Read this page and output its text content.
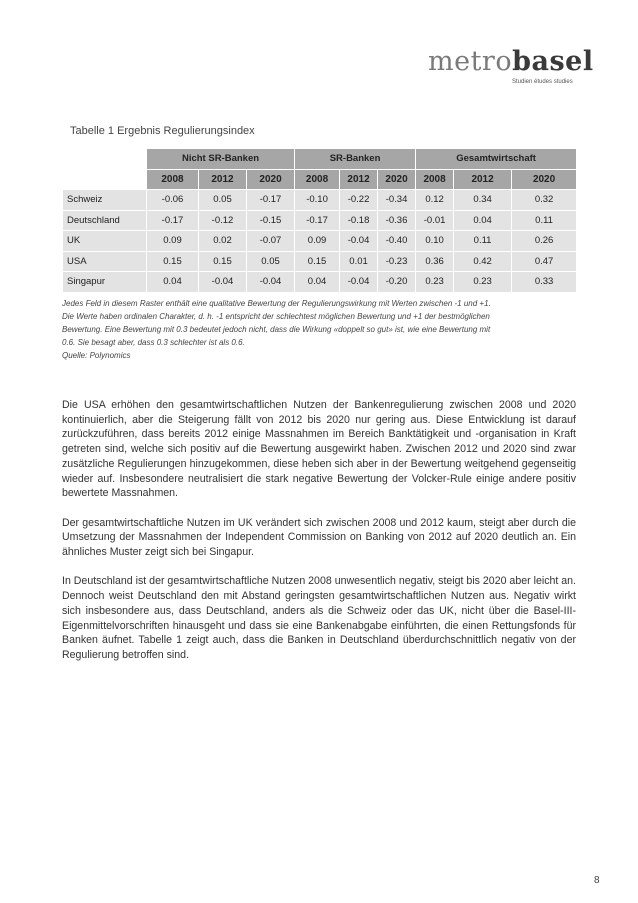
metrobasel
Studien études studies
Tabelle 1 Ergebnis Regulierungsindex
	Nicht SR-Banken			SR-Banken			Gesamtwirtschaft		
	2008	2012	2020	2008	2012	2020	2008	2012	2020
Schweiz	-0.06	0.05	-0.17	-0.10	-0.22	-0.34	0.12	0.34	0.32
Deutschland	-0.17	-0.12	-0.15	-0.17	-0.18	-0.36	-0.01	0.04	0.11
UK	0.09	0.02	-0.07	0.09	-0.04	-0.40	0.10	0.11	0.26
USA	0.15	0.15	0.05	0.15	0.01	-0.23	0.36	0.42	0.47
Singapur	0.04	-0.04	-0.04	0.04	-0.04	-0.20	0.23	0.23	0.33

Jedes Feld in diesem Raster enthält eine qualitative Bewertung der Regulierungswirkung mit Werten zwischen -1 und +1.

Die Werte haben ordinalen Charakter, d. h. -1 entspricht der schlechtest möglichen Bewertung und +1 der bestmöglichen

Bewertung. Eine Bewertung mit 0.3 bedeutet jedoch nicht, dass die Wirkung «doppelt so gut» ist, wie eine Bewertung mit

0.6. Sie besagt aber, dass 0.3 schlechter ist als 0.6.

Quelle: Polynomics

Die USA erhöhen den gesamtwirtschaftlichen Nutzen der Bankenregulierung zwischen 2008 und 2020 kontinuierlich, aber die Steigerung fällt von 2012 bis 2020 nur gering aus. Diese Entwicklung ist darauf zurückzuführen, dass bereits 2012 einige Massnahmen im Bereich Banktätigkeit und -organisation in Kraft getreten sind, welche sich positiv auf die Bewertung ausgewirkt haben. Zwischen 2012 und 2020 sind zwar zusätzliche Regulierungen hinzugekommen, diese heben sich aber in der Bewertung weitgehend gegenseitig wieder auf. Insbesondere neutralisiert die stark negative Bewertung der Volcker-Rule einige andere positiv bewertete Massnahmen.

Der gesamtwirtschaftliche Nutzen im UK verändert sich zwischen 2008 und 2012 kaum, steigt aber durch die Umsetzung der Massnahmen der Independent Commission on Banking von 2012 auf 2020 deutlich an. Ein ähnliches Muster zeigt sich bei Singapur.

In Deutschland ist der gesamtwirtschaftliche Nutzen 2008 unwesentlich negativ, steigt bis 2020 aber leicht an. Dennoch weist Deutschland den mit Abstand geringsten gesamtwirtschaftlichen Nutzen aus. Negativ wirkt sich insbesondere aus, dass Deutschland, anders als die Schweiz oder das UK, nicht über die Basel-III-Eigenmittelvorschriften hinausgeht und dass sie eine Bankenabgabe einführten, die einen Rettungsfonds für Banken äufnet. Tabelle 1 zeigt auch, dass die Banken in Deutschland überdurchschnittlich negativ von der Regulierung betroffen sind.

8
